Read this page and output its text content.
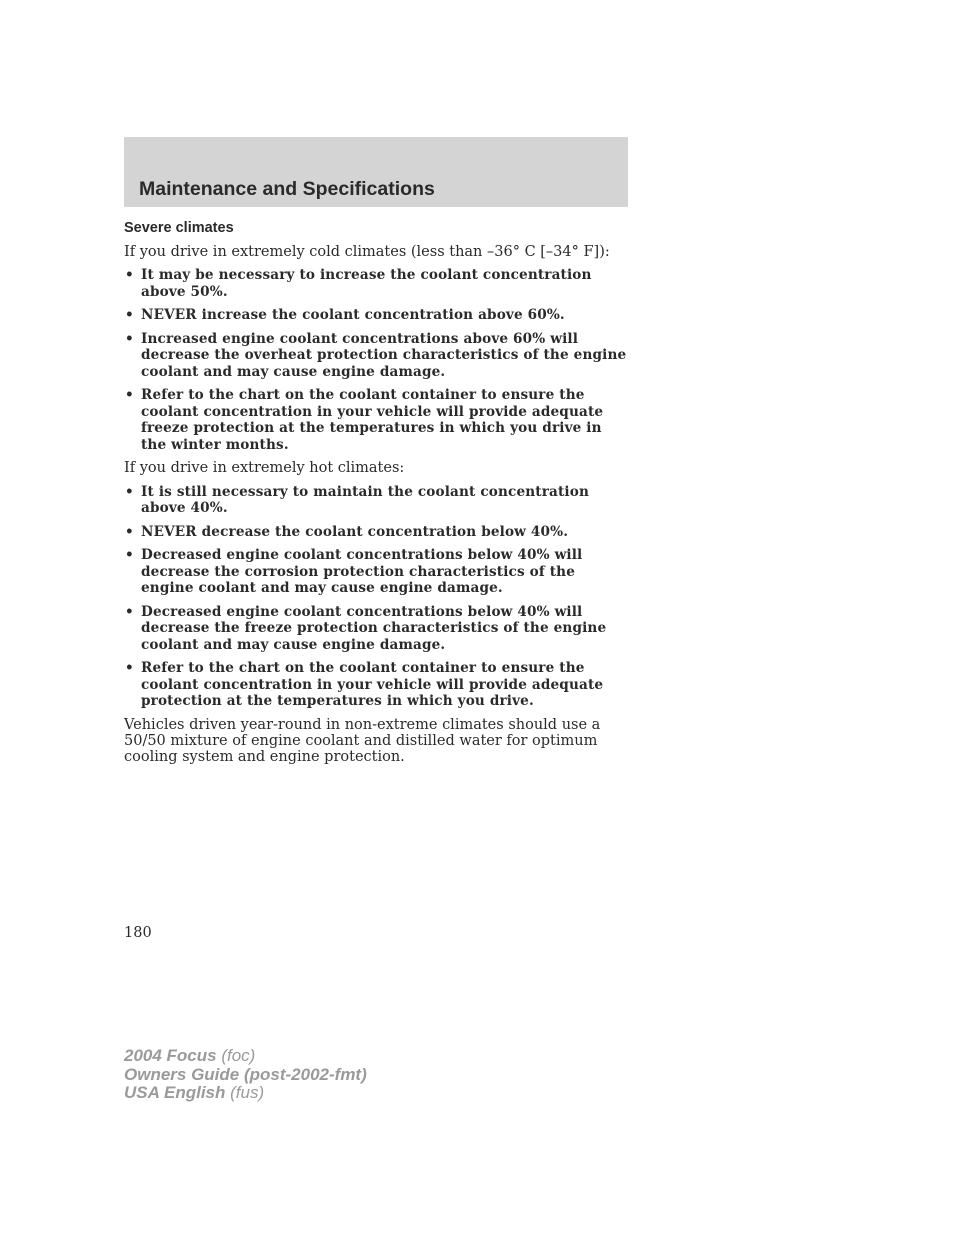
Maintenance and Specifications
Severe climates

If you drive in extremely cold climates (less than –36° C [–34° F]):

• It may be necessary to increase the coolant concentration above 50%.
• NEVER increase the coolant concentration above 60%.
• Increased engine coolant concentrations above 60% will decrease the overheat protection characteristics of the engine coolant and may cause engine damage.
• Refer to the chart on the coolant container to ensure the coolant concentration in your vehicle will provide adequate freeze protection at the temperatures in which you drive in the winter months.

If you drive in extremely hot climates:

• It is still necessary to maintain the coolant concentration above 40%.
• NEVER decrease the coolant concentration below 40%.
• Decreased engine coolant concentrations below 40% will decrease the corrosion protection characteristics of the engine coolant and may cause engine damage.
• Decreased engine coolant concentrations below 40% will decrease the freeze protection characteristics of the engine coolant and may cause engine damage.
• Refer to the chart on the coolant container to ensure the coolant concentration in your vehicle will provide adequate protection at the temperatures in which you drive.

Vehicles driven year-round in non-extreme climates should use a 50/50 mixture of engine coolant and distilled water for optimum cooling system and engine protection.

180
2004 Focus (foc)
Owners Guide (post-2002-fmt)
USA English (fus)
